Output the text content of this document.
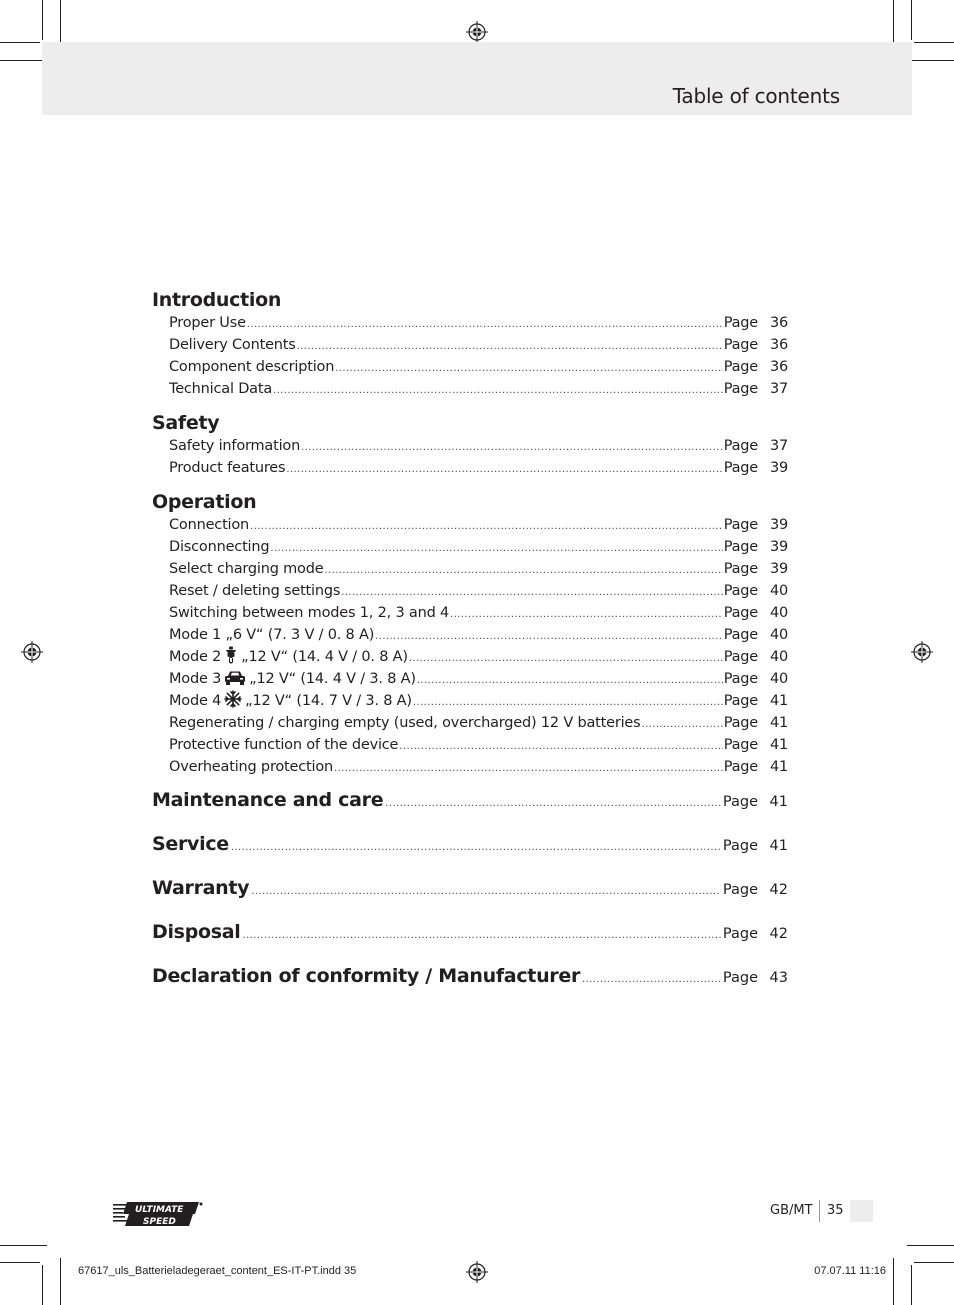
Table of contents
Introduction
Proper Use .....	Page 36
Delivery Contents .....	Page 36
Component description .....	Page 36
Technical Data .....	Page 37
Safety
Safety information .....	Page 37
Product features .....	Page 39
Operation
Connection .....	Page 39
Disconnecting .....	Page 39
Select charging mode .....	Page 39
Reset / deleting settings .....	Page 40
Switching between modes 1, 2, 3 and 4 .....	Page 40
Mode 1 „6 V“ (7. 3 V / 0. 8 A) .....	Page 40
Mode 2 „12 V“ (14. 4 V / 0. 8 A) .....	Page 40
Mode 3 „12 V“ (14. 4 V / 3. 8 A) .....	Page 40
Mode 4 „12 V“ (14. 7 V / 3. 8 A) .....	Page 41
Regenerating / charging empty (used, overcharged) 12 V batteries .....	Page 41
Protective function of the device .....	Page 41
Overheating protection .....	Page 41
Maintenance and care .....	Page 41
Service .....	Page 41
Warranty .....	Page 42
Disposal .....	Page 42
Declaration of conformity / Manufacturer .....	Page 43
ULTIMATE
SPEED
GB/MT 35
67617_uls_Batterieladegeraet_content_ES-IT-PT.indd 35	07.07.11 11:16
